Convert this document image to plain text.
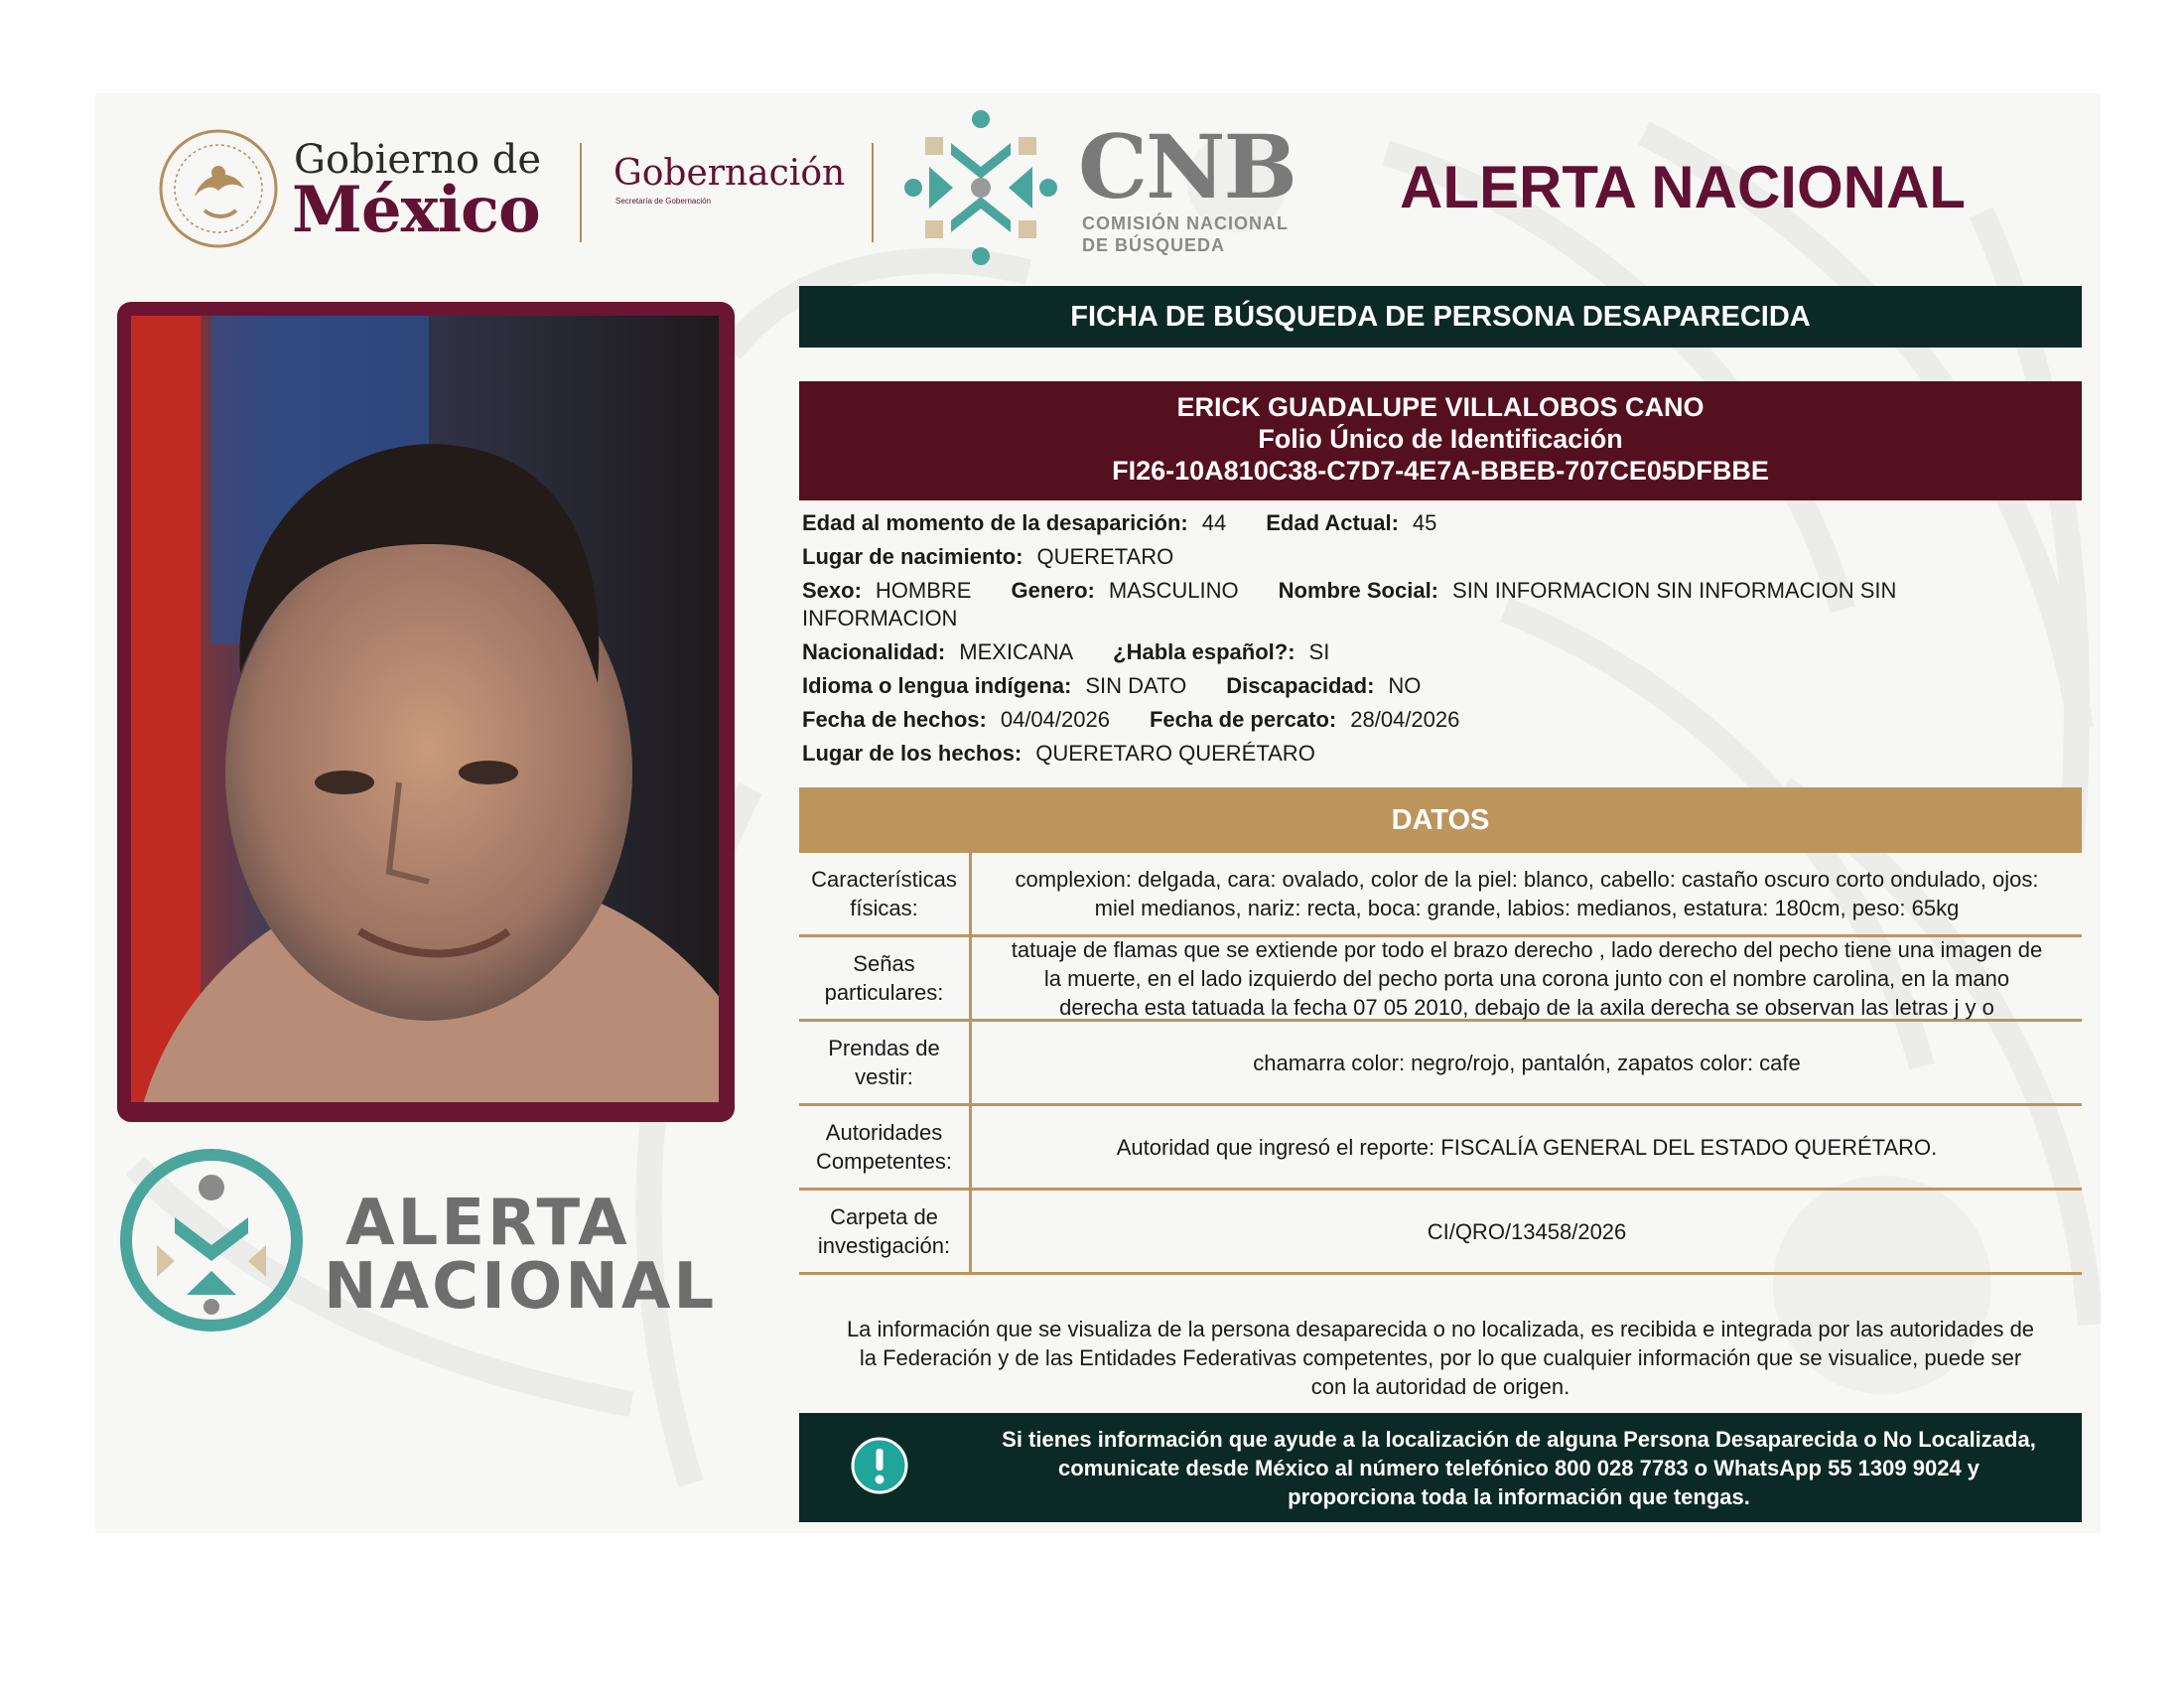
Gobierno de
México Gobernación
Secretaría de Gobernación	CNB
COMISIÓN NACIONAL
DE BÚSQUEDA
ALERTA NACIONAL
ALERTA
NACIONAL
FICHA DE BÚSQUEDA DE PERSONA DESAPARECIDA
ERICK GUADALUPE VILLALOBOS CANO
Folio Único de Identificación
FI26-10A810C38-C7D7-4E7A-BBEB-707CE05DFBBE
Edad al momento de la desaparición: 44 Edad Actual: 45
Lugar de nacimiento: QUERETARO
Sexo: HOMBRE Genero: MASCULINO Nombre Social: SIN INFORMACION SIN INFORMACION SIN
INFORMACION
Nacionalidad: MEXICANA ¿Habla español?: SI
Idioma o lengua indígena: SIN DATO Discapacidad: NO
Fecha de hechos: 04/04/2026 Fecha de percato: 28/04/2026
Lugar de los hechos: QUERETARO QUERÉTARO
DATOS
Características
físicas:
complexion: delgada, cara: ovalado, color de la piel: blanco, cabello: castaño oscuro corto ondulado, ojos:
miel medianos, nariz: recta, boca: grande, labios: medianos, estatura: 180cm, peso: 65kg
Señas
particulares:
tatuaje de flamas que se extiende por todo el brazo derecho , lado derecho del pecho tiene una imagen de
la muerte, en el lado izquierdo del pecho porta una corona junto con el nombre carolina, en la mano
derecha esta tatuada la fecha 07 05 2010, debajo de la axila derecha se observan las letras j y o
Prendas de
vestir:
chamarra color: negro/rojo, pantalón, zapatos color: cafe
Autoridades
Competentes:
Autoridad que ingresó el reporte: FISCALÍA GENERAL DEL ESTADO QUERÉTARO.
Carpeta de
investigación:
CI/QRO/13458/2026
La información que se visualiza de la persona desaparecida o no localizada, es recibida e integrada por las autoridades de
la Federación y de las Entidades Federativas competentes, por lo que cualquier información que se visualice, puede ser
con la autoridad de origen.
Si tienes información que ayude a la localización de alguna Persona Desaparecida o No Localizada,
comunicate desde México al número telefónico 800 028 7783 o WhatsApp 55 1309 9024 y
proporciona toda la información que tengas.
